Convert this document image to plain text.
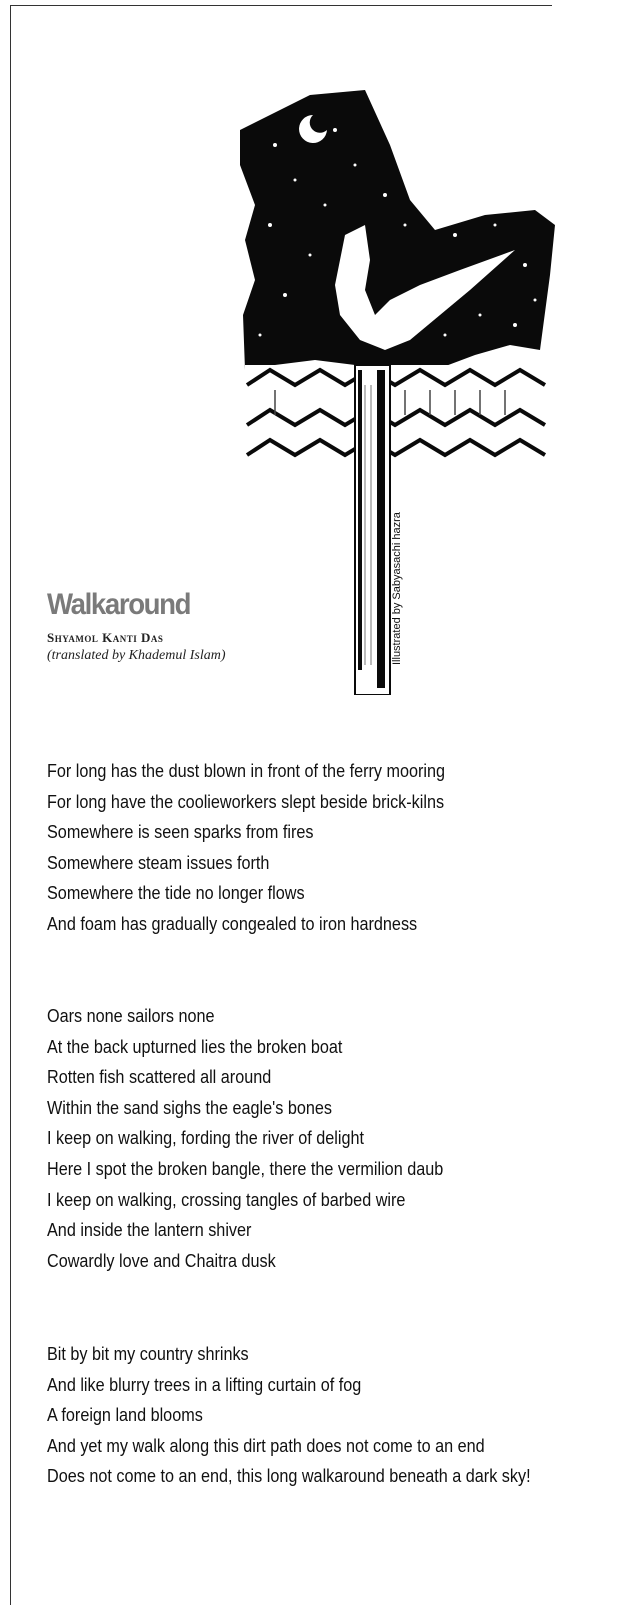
Illustrated by Sabyasachi hazra
Walkaround
Shyamol Kanti Das
(translated by Khademul Islam)
For long has the dust blown in front of the ferry mooring
For long have the coolieworkers slept beside brick-kilns
Somewhere is seen sparks from fires
Somewhere steam issues forth
Somewhere the tide no longer flows
And foam has gradually congealed to iron hardness
Oars none sailors none
At the back upturned lies the broken boat
Rotten fish scattered all around
Within the sand sighs the eagle's bones
I keep on walking, fording the river of delight
Here I spot the broken bangle, there the vermilion daub
I keep on walking, crossing tangles of barbed wire
And inside the lantern shiver
Cowardly love and Chaitra dusk
Bit by bit my country shrinks
And like blurry trees in a lifting curtain of fog
A foreign land blooms
And yet my walk along this dirt path does not come to an end
Does not come to an end, this long walkaround beneath a dark sky!
